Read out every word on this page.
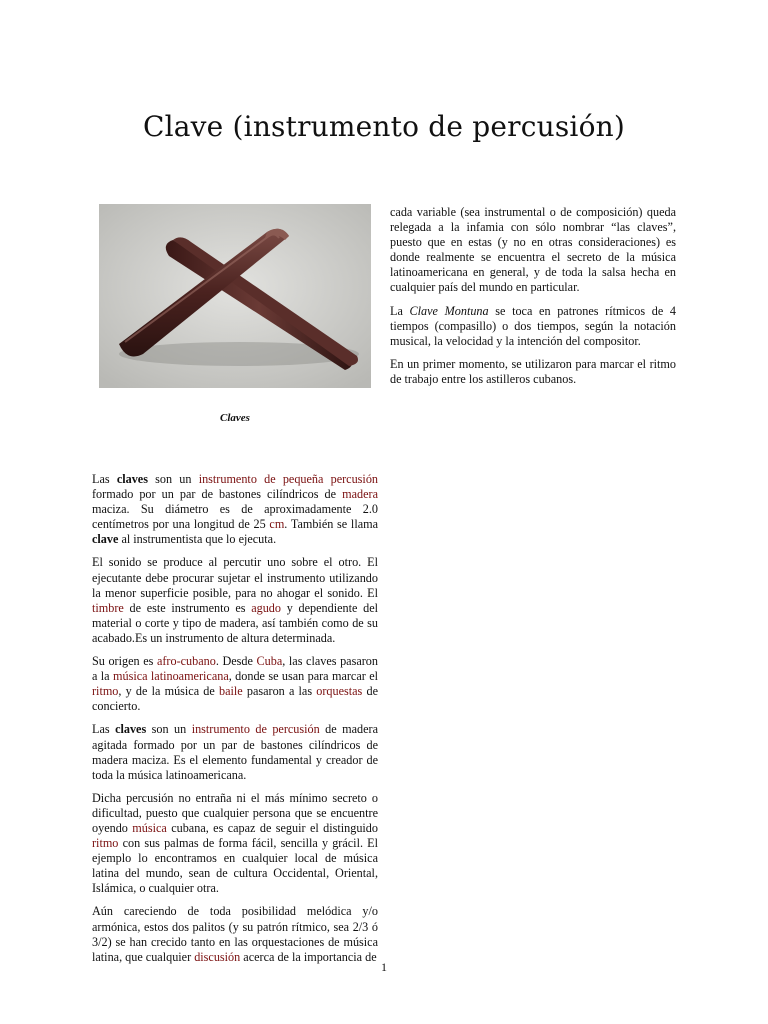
Clave (instrumento de percusión)
Claves

cada variable (sea instrumental o de composición) queda relegada a la infamia con sólo nombrar “las claves”, puesto que en estas (y no en otras consideraciones) es donde realmente se encuentra el secreto de la música latinoamericana en general, y de toda la salsa hecha en cualquier país del mundo en particular.

La Clave Montuna se toca en patrones rítmicos de 4 tiempos (compasillo) o dos tiempos, según la notación musical, la velocidad y la intención del compositor.

En un primer momento, se utilizaron para marcar el ritmo de trabajo entre los astilleros cubanos.

Las claves son un instrumento de pequeña percusión formado por un par de bastones cilíndricos de madera maciza. Su diámetro es de aproximadamente 2.0 centímetros por una longitud de 25 cm. También se llama clave al instrumentista que lo ejecuta.

El sonido se produce al percutir uno sobre el otro. El ejecutante debe procurar sujetar el instrumento utilizando la menor superficie posible, para no ahogar el sonido. El timbre de este instrumento es agudo y dependiente del material o corte y tipo de madera, así también como de su acabado.Es un instrumento de altura determinada.

Su origen es afro-cubano. Desde Cuba, las claves pasaron a la música latinoamericana, donde se usan para marcar el ritmo, y de la música de baile pasaron a las orquestas de concierto.

Las claves son un instrumento de percusión de madera agitada formado por un par de bastones cilíndricos de madera maciza. Es el elemento fundamental y creador de toda la música latinoamericana.

Dicha percusión no entraña ni el más mínimo secreto o dificultad, puesto que cualquier persona que se encuentre oyendo música cubana, es capaz de seguir el distinguido ritmo con sus palmas de forma fácil, sencilla y grácil. El ejemplo lo encontramos en cualquier local de música latina del mundo, sean de cultura Occidental, Oriental, Islámica, o cualquier otra.

Aún careciendo de toda posibilidad melódica y/o armónica, estos dos palitos (y su patrón rítmico, sea 2/3 ó 3/2) se han crecido tanto en las orquestaciones de música latina, que cualquier discusión acerca de la importancia de

1
